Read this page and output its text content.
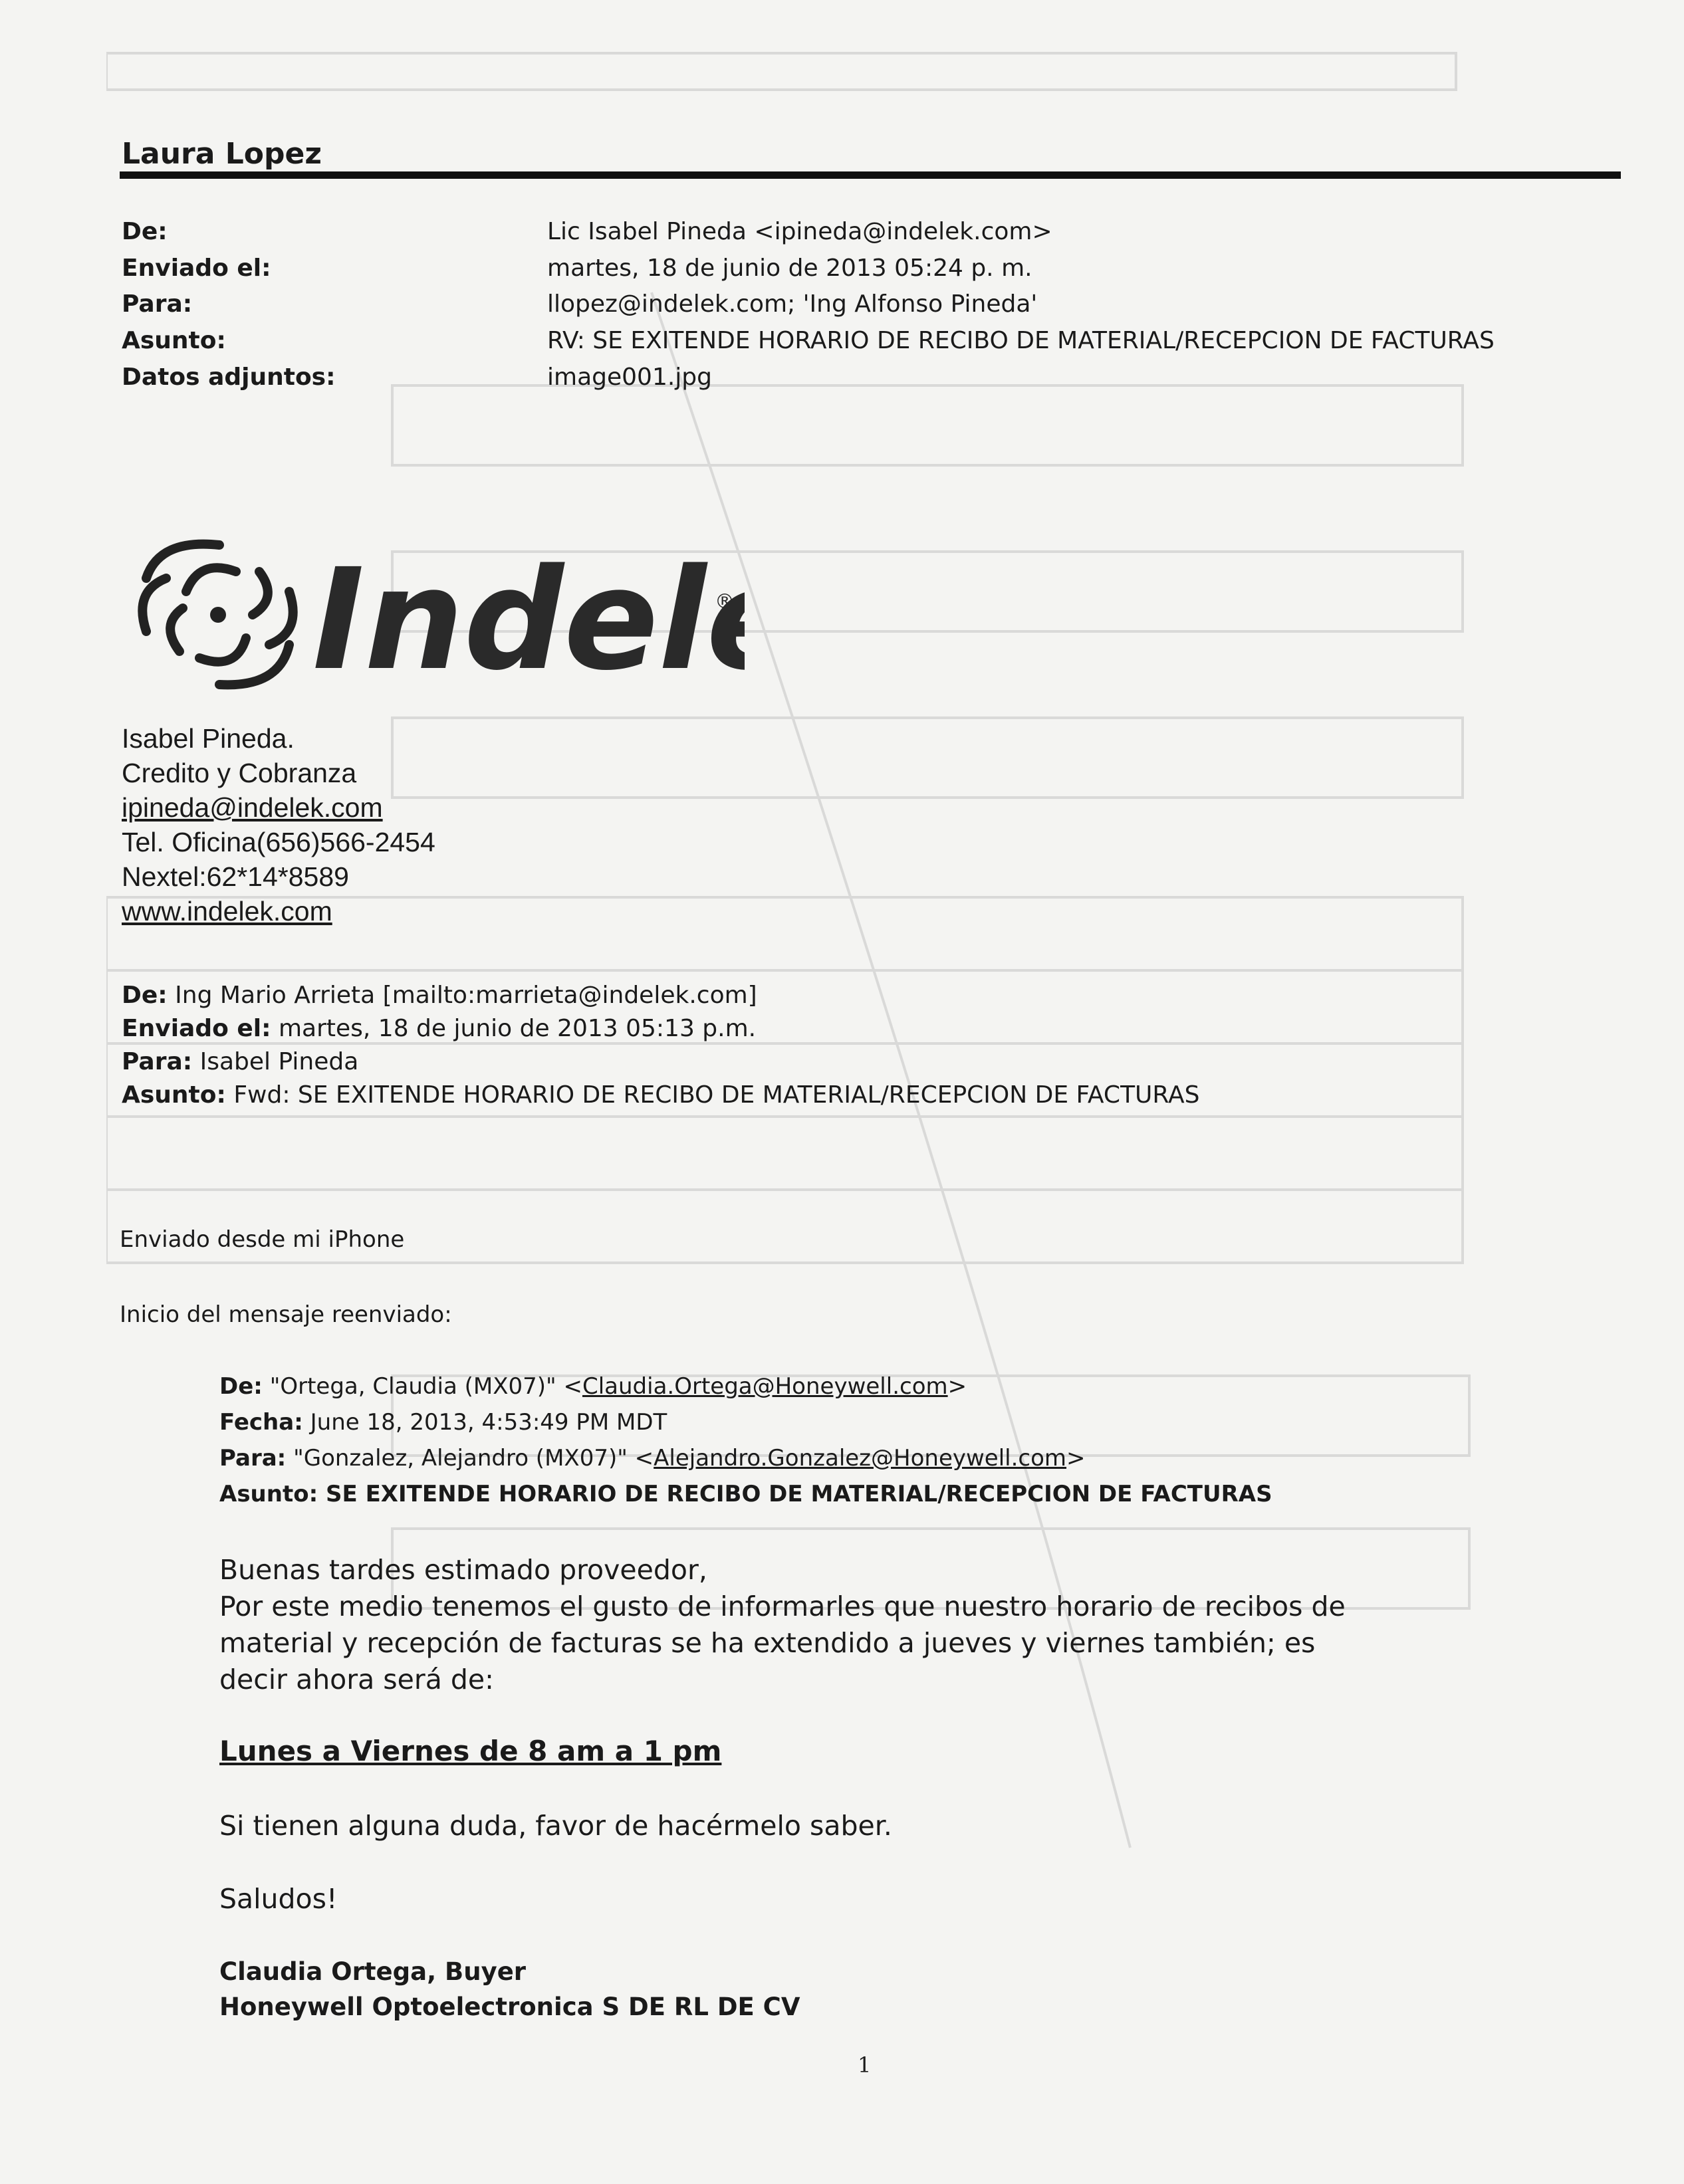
Laura Lopez
De:	Lic Isabel Pineda <ipineda@indelek.com>
Enviado el:	martes, 18 de junio de 2013 05:24 p. m.
Para:	llopez@indelek.com; 'Ing Alfonso Pineda'
Asunto:	RV: SE EXITENDE HORARIO DE RECIBO DE MATERIAL/RECEPCION DE FACTURAS
Datos adjuntos:	image001.jpg
Indel ®
Isabel Pineda.
Credito y Cobranza
ipineda@indelek.com
Tel. Oficina(656)566-2454
Nextel:62*14*8589
www.indelek.com
De: Ing Mario Arrieta [mailto:marrieta@indelek.com]
Enviado el: martes, 18 de junio de 2013 05:13 p.m.
Para: Isabel Pineda
Asunto: Fwd: SE EXITENDE HORARIO DE RECIBO DE MATERIAL/RECEPCION DE FACTURAS
Enviado desde mi iPhone
Inicio del mensaje reenviado:
De: "Ortega, Claudia (MX07)" <Claudia.Ortega@Honeywell.com>
Fecha: June 18, 2013, 4:53:49 PM MDT
Para: "Gonzalez, Alejandro (MX07)" <Alejandro.Gonzalez@Honeywell.com>
Asunto: SE EXITENDE HORARIO DE RECIBO DE MATERIAL/RECEPCION DE FACTURAS
Buenas tardes estimado proveedor,
Por este medio tenemos el gusto de informarles que nuestro horario de recibos de
material y recepción de facturas se ha extendido a jueves y viernes también; es
decir ahora será de:
Lunes a Viernes de 8 am a 1 pm
Si tienen alguna duda, favor de hacérmelo saber.
Saludos!
Claudia Ortega, Buyer
Honeywell Optoelectronica S DE RL DE CV
1
